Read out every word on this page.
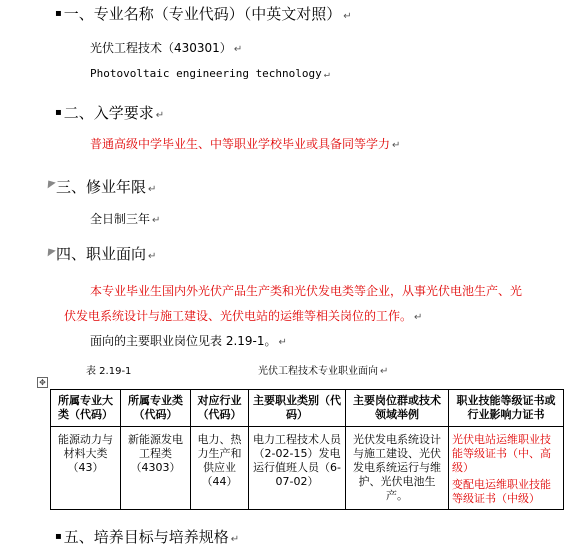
▪ 一、专业名称（专业代码）（中英文对照） ↵
光伏工程技术（430301） ↵
Photovoltaic engineering technology ↵
▪ 二、入学要求 ↵
普通高级中学毕业生、中等职业学校毕业或具备同等学力 ↵
三、修业年限 ↵
全日制三年 ↵
四、职业面向 ↵
本专业毕业生国内外光伏产品生产类和光伏发电类等企业，从事光伏电池生产、光
伏发电系统设计与施工建设、光伏电站的运维等相关岗位的工作。 ↵
面向的主要职业岗位见表 2.19-1。 ↵
✥
表 2.19-1	光伏工程技术专业职业面向 ↵
所属专业大类（代码）	所属专业类（代码）	对应行业（代码）	主要职业类别（代码）	主要岗位群或技术领域举例	职业技能等级证书或行业影响力证书
能源动力与材料大类（43）	新能源发电工程类（4303）	电力、热力生产和供应业（44）	电力工程技术人员（2-02-15）发电运行值班人员（6-07-02）	光伏发电系统设计与施工建设、光伏发电系统运行与维护、光伏电池生产。	光伏电站运维职业技能等级证书（中、高级）
变配电运维职业技能等级证书（中级）
▪ 五、培养目标与培养规格 ↵
